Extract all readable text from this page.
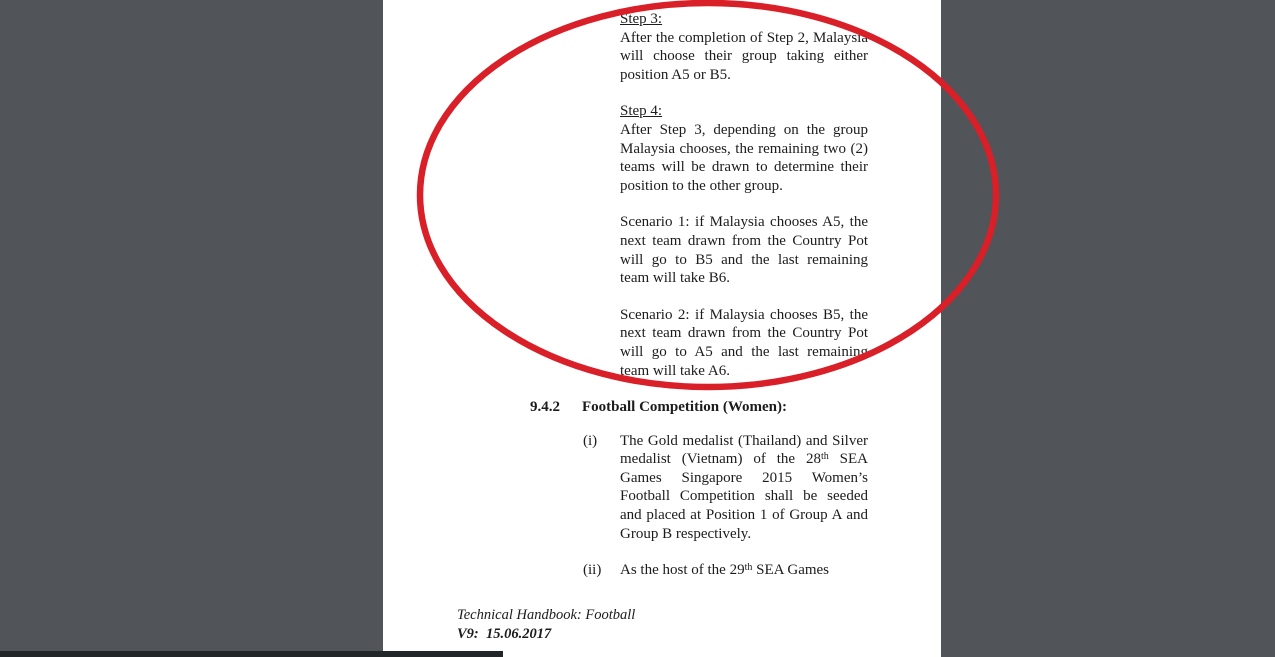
Step 3:
After the completion of Step 2, Malaysia will choose their group taking either position A5 or B5.
Step 4:
After Step 3, depending on the group Malaysia chooses, the remaining two (2) teams will be drawn to determine their position to the other group.
Scenario 1: if Malaysia chooses A5, the next team drawn from the Country Pot will go to B5 and the last remaining team will take B6.
Scenario 2: if Malaysia chooses B5, the next team drawn from the Country Pot will go to A5 and the last remaining team will take A6.
9.4.2	Football Competition (Women):
(i)	The Gold medalist (Thailand) and Silver medalist (Vietnam) of the 28th SEA Games Singapore 2015 Women’s Football Competition shall be seeded and placed at Position 1 of Group A and Group B respectively.
(ii)	As the host of the 29th SEA Games
Technical Handbook: Football
V9:  15.06.2017
